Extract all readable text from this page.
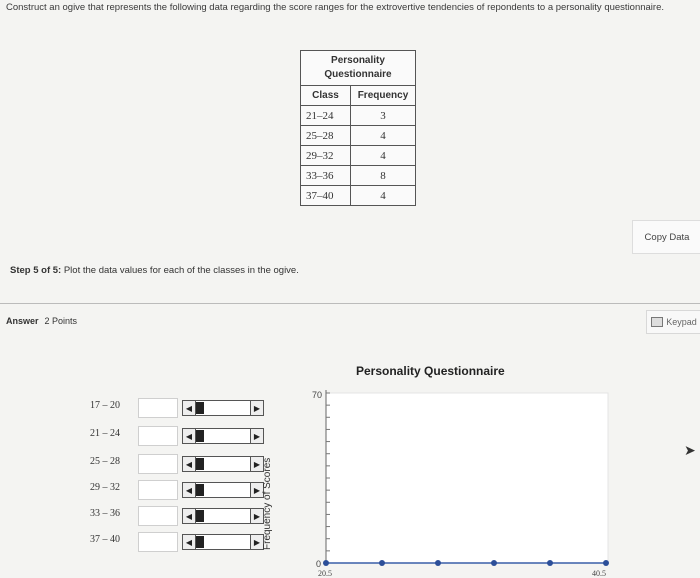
Construct an ogive that represents the following data regarding the score ranges for the extrovertive tendencies of repondents to a personality questionnaire.
Personality
Questionnaire	
Class	Frequency
21–24	3
25–28	4
29–32	4
33–36	8
37–40	4
Copy Data
Step 5 of 5: Plot the data values for each of the classes in the ogive.
Answer 2 Points	Keypad
Personality Questionnaire
17 – 20	◀	▶
21 – 24	◀	▶
25 – 28	◀	▶
29 – 32	◀	▶
33 – 36	◀	▶
37 – 40	◀	▶ Frequency of Scores
70
0
20.5	40.5
➤
